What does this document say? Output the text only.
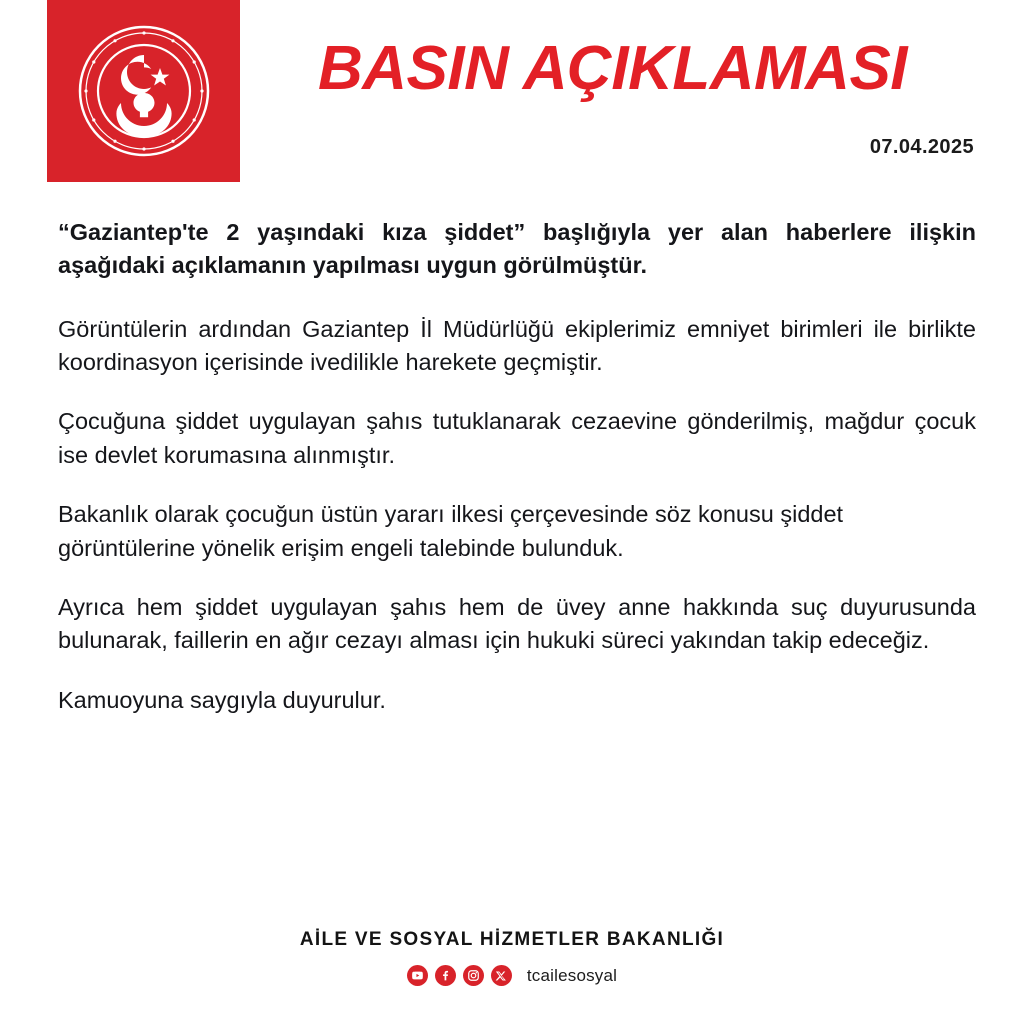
BASIN AÇIKLAMASI
07.04.2025

“Gaziantep'te 2 yaşındaki kıza şiddet” başlığıyla yer alan haberlere ilişkin aşağıdaki açıklamanın yapılması uygun görülmüştür.

Görüntülerin ardından Gaziantep İl Müdürlüğü ekiplerimiz emniyet birimleri ile birlikte koordinasyon içerisinde ivedilikle harekete geçmiştir.

Çocuğuna şiddet uygulayan şahıs tutuklanarak cezaevine gönderilmiş, mağdur çocuk ise devlet korumasına alınmıştır.

Bakanlık olarak çocuğun üstün yararı ilkesi çerçevesinde söz konusu şiddet görüntülerine yönelik erişim engeli talebinde bulunduk.

Ayrıca hem şiddet uygulayan şahıs hem de üvey anne hakkında suç duyurusunda bulunarak, faillerin en ağır cezayı alması için hukuki süreci yakından takip edeceğiz.

Kamuoyuna saygıyla duyurulur.

AİLE VE SOSYAL HİZMETLER BAKANLIĞI
tcailesosyal
